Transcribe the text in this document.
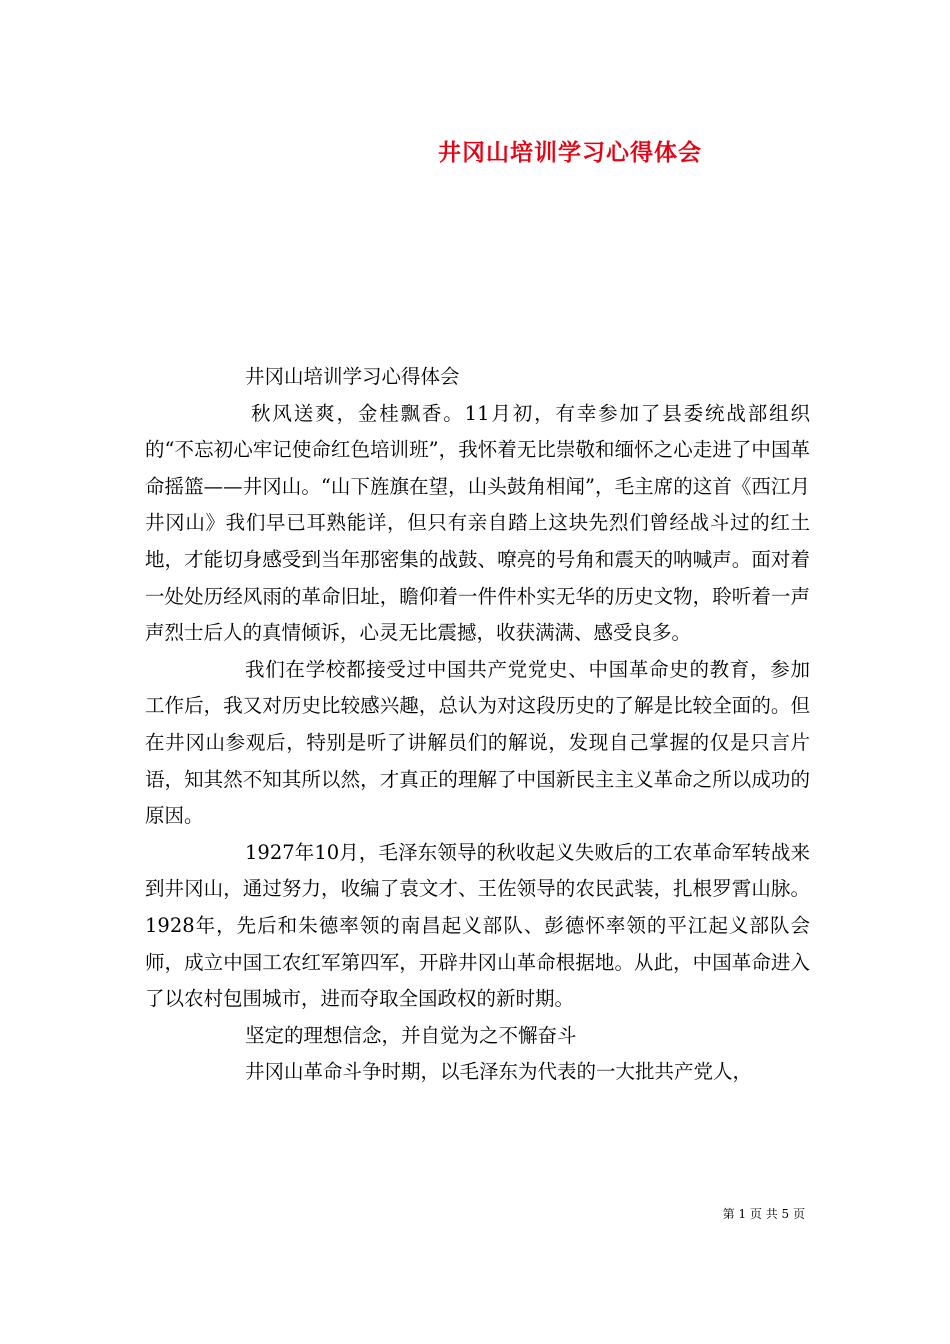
井冈山培训学习心得体会

井冈山培训学习心得体会

秋风送爽，金桂飘香。11月初，有幸参加了县委统战部组织的“不忘初心牢记使命红色培训班”，我怀着无比崇敬和缅怀之心走进了中国革命摇篮——井冈山。“山下旌旗在望，山头鼓角相闻”，毛主席的这首《西江月井冈山》我们早已耳熟能详，但只有亲自踏上这块先烈们曾经战斗过的红土地，才能切身感受到当年那密集的战鼓、嘹亮的号角和震天的呐喊声。面对着一处处历经风雨的革命旧址，瞻仰着一件件朴实无华的历史文物，聆听着一声声烈士后人的真情倾诉，心灵无比震撼，收获满满、感受良多。

我们在学校都接受过中国共产党党史、中国革命史的教育，参加工作后，我又对历史比较感兴趣，总认为对这段历史的了解是比较全面的。但在井冈山参观后，特别是听了讲解员们的解说，发现自己掌握的仅是只言片语，知其然不知其所以然，才真正的理解了中国新民主主义革命之所以成功的原因。

1927年10月，毛泽东领导的秋收起义失败后的工农革命军转战来到井冈山，通过努力，收编了袁文才、王佐领导的农民武装，扎根罗霄山脉。1928年，先后和朱德率领的南昌起义部队、彭德怀率领的平江起义部队会师，成立中国工农红军第四军，开辟井冈山革命根据地。从此，中国革命进入了以农村包围城市，进而夺取全国政权的新时期。

坚定的理想信念，并自觉为之不懈奋斗

井冈山革命斗争时期，以毛泽东为代表的一大批共产党人，

第 1 页 共 5 页
